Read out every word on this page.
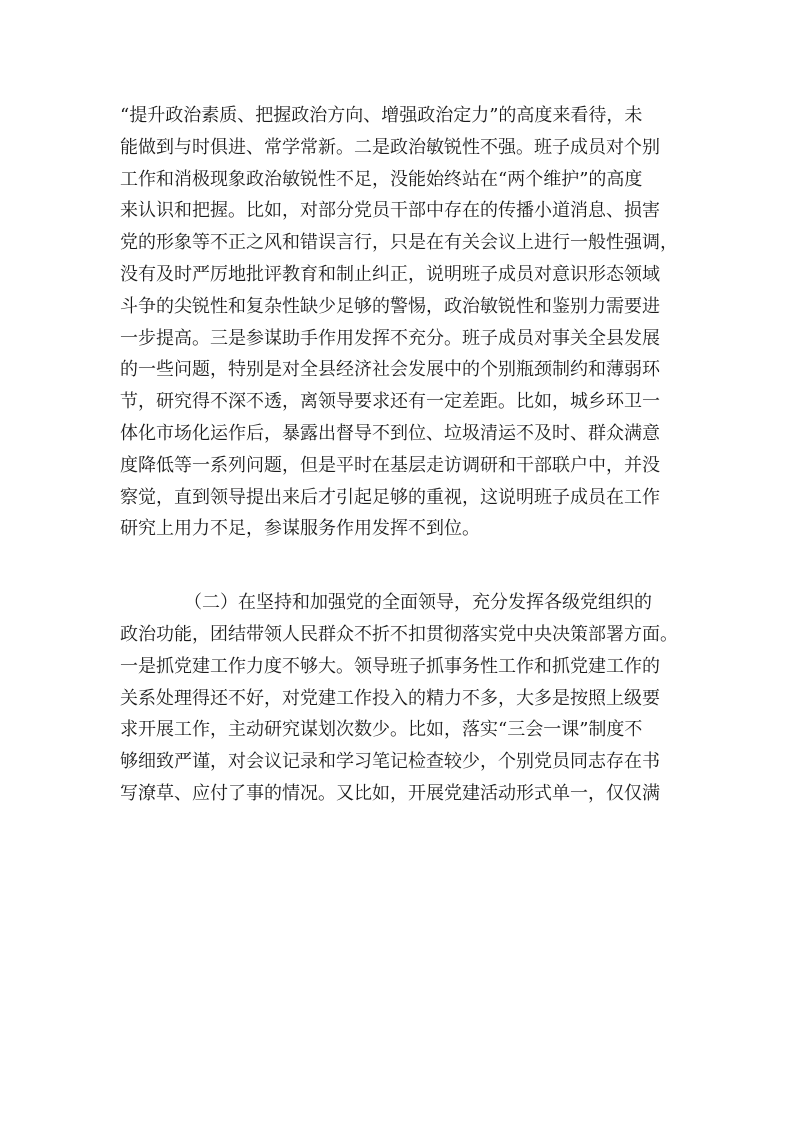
“提升政治素质、把握政治方向、增强政治定力”的高度来看待，未
能做到与时俱进、常学常新。二是政治敏锐性不强。班子成员对个别
工作和消极现象政治敏锐性不足，没能始终站在“两个维护”的高度
来认识和把握。比如，对部分党员干部中存在的传播小道消息、损害
党的形象等不正之风和错误言行，只是在有关会议上进行一般性强调，
没有及时严厉地批评教育和制止纠正，说明班子成员对意识形态领域
斗争的尖锐性和复杂性缺少足够的警惕，政治敏锐性和鉴别力需要进
一步提高。三是参谋助手作用发挥不充分。班子成员对事关全县发展
的一些问题，特别是对全县经济社会发展中的个别瓶颈制约和薄弱环
节，研究得不深不透，离领导要求还有一定差距。比如，城乡环卫一
体化市场化运作后，暴露出督导不到位、垃圾清运不及时、群众满意
度降低等一系列问题，但是平时在基层走访调研和干部联户中，并没
察觉，直到领导提出来后才引起足够的重视，这说明班子成员在工作
研究上用力不足，参谋服务作用发挥不到位。
（二）在坚持和加强党的全面领导，充分发挥各级党组织的
政治功能，团结带领人民群众不折不扣贯彻落实党中央决策部署方面。
一是抓党建工作力度不够大。领导班子抓事务性工作和抓党建工作的
关系处理得还不好，对党建工作投入的精力不多，大多是按照上级要
求开展工作，主动研究谋划次数少。比如，落实“三会一课”制度不
够细致严谨，对会议记录和学习笔记检查较少，个别党员同志存在书
写潦草、应付了事的情况。又比如，开展党建活动形式单一，仅仅满
